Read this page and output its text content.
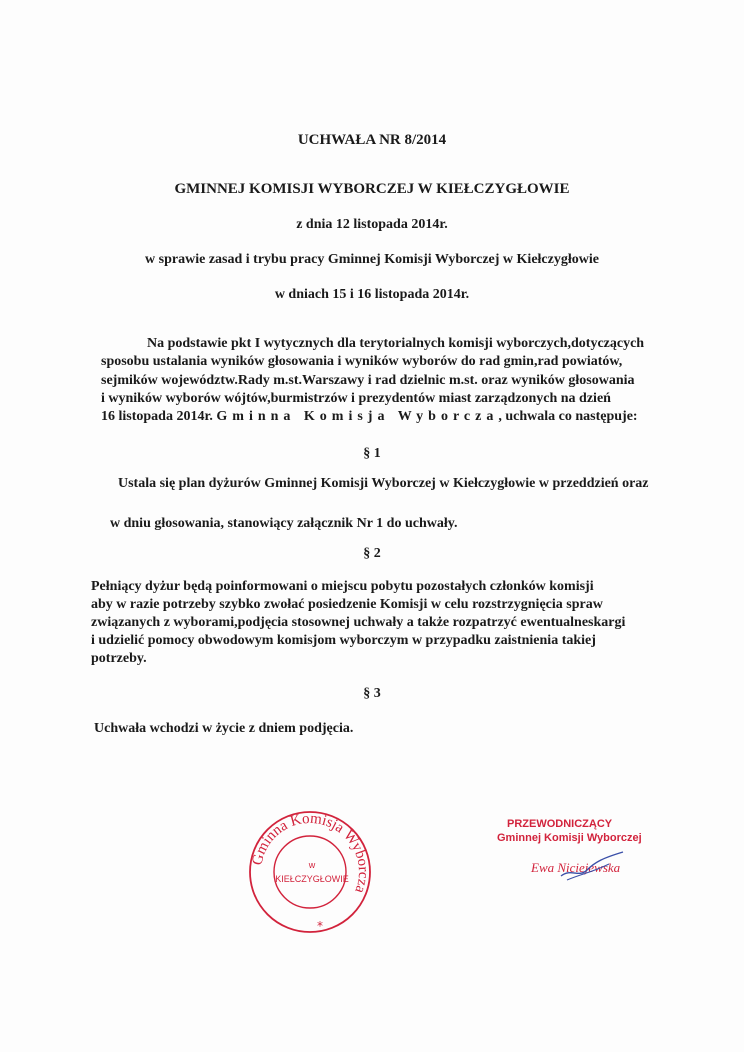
UCHWAŁA NR 8/2014
GMINNEJ KOMISJI WYBORCZEJ W KIEŁCZYGŁOWIE
z dnia 12 listopada 2014r.
w sprawie zasad i trybu pracy Gminnej Komisji Wyborczej w Kiełczygłowie
w dniach 15 i 16 listopada 2014r.
Na podstawie pkt I wytycznych dla terytorialnych komisji wyborczych,dotyczących
sposobu ustalania wyników głosowania i wyników wyborów do rad gmin,rad powiatów,
sejmików województw.Rady m.st.Warszawy i rad dzielnic m.st. oraz wyników głosowania
i wyników wyborów wójtów,burmistrzów i prezydentów miast zarządzonych na dzień
16 listopada 2014r. Gminna Komisja Wyborcza, uchwala co następuje:
§ 1
Ustala się plan dyżurów Gminnej Komisji Wyborczej w Kiełczygłowie w przeddzień oraz
w dniu głosowania, stanowiący załącznik Nr 1 do uchwały.
§ 2
Pełniący dyżur będą poinformowani o miejscu pobytu pozostałych członków komisji
aby w razie potrzeby szybko zwołać posiedzenie Komisji w celu rozstrzygnięcia spraw
związanych z wyborami,podjęcia stosownej uchwały a także rozpatrzyć ewentualneskargi
i udzielić pomocy obwodowym komisjom wyborczym w przypadku zaistnienia takiej
potrzeby.
§ 3
Uchwała wchodzi w życie z dniem podjęcia.
Gminna Komisja Wyborcza
w
KIEŁCZYGŁOWIE
*
PRZEWODNICZĄCY
Gminnej Komisji Wyborczej
Ewa Niciejewska
